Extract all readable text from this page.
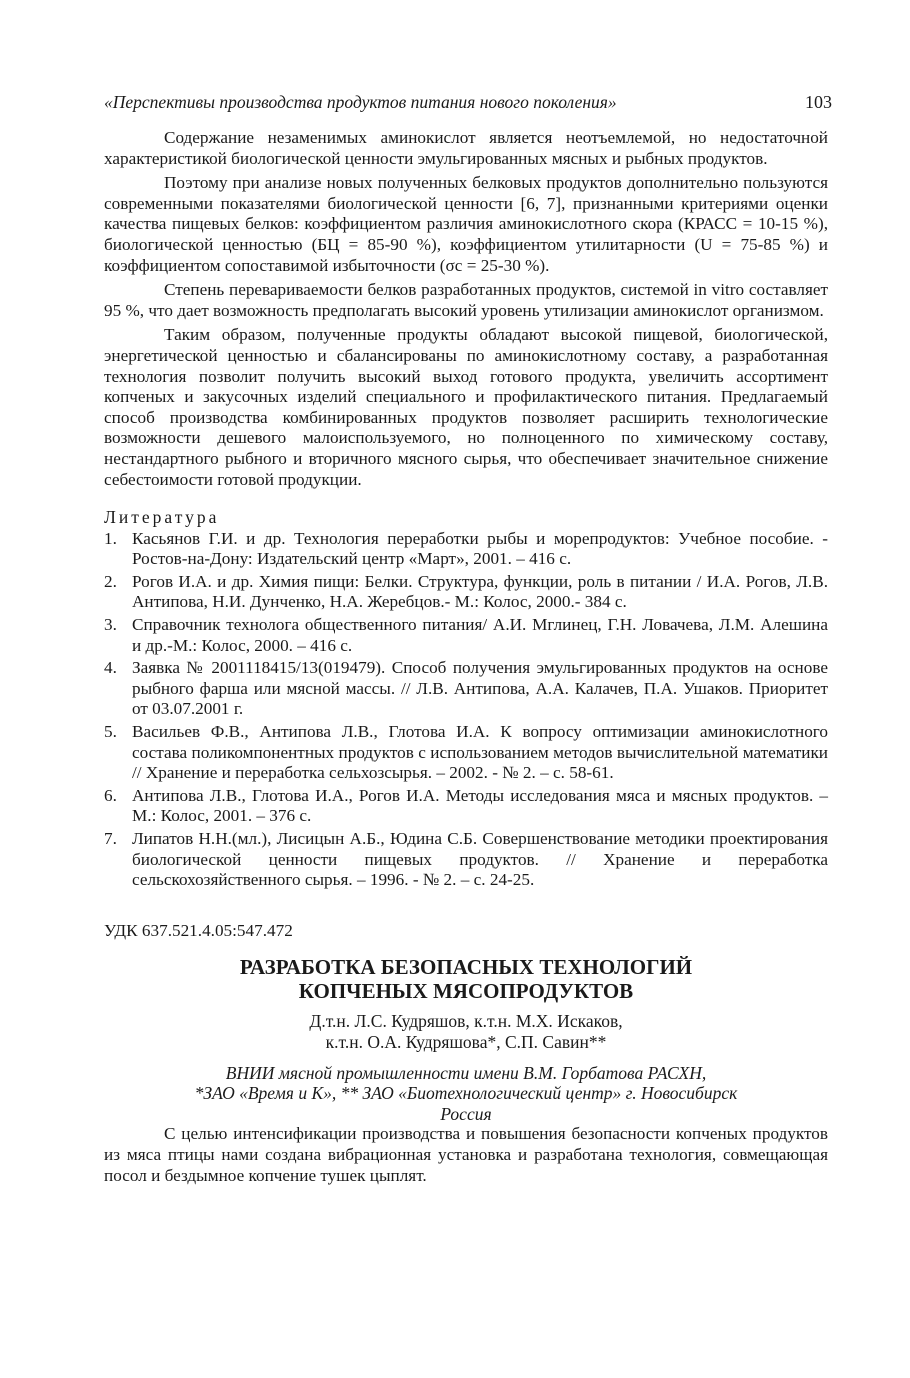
«Перспективы производства продуктов питания нового поколения»	103

Содержание незаменимых аминокислот является неотъемлемой, но недостаточной характеристикой биологической ценности эмульгированных мясных и рыбных продуктов.

Поэтому при анализе новых полученных белковых продуктов дополнительно пользуются современными показателями биологической ценности [6, 7], признанными критериями оценки качества пищевых белков: коэффициентом различия аминокислотного скора (КРАСС = 10-15 %), биологической ценностью (БЦ = 85-90 %), коэффициентом утилитарности (U = 75-85 %) и коэффициентом сопоставимой избыточности (σс = 25-30 %).

Степень перевариваемости белков разработанных продуктов, системой in vitro составляет 95 %, что дает возможность предполагать высокий уровень утилизации аминокислот организмом.

Таким образом, полученные продукты обладают высокой пищевой, биологической, энергетической ценностью и сбалансированы по аминокислотному составу, а разработанная технология позволит получить высокий выход готового продукта, увеличить ассортимент копченых и закусочных изделий специального и профилактического питания. Предлагаемый способ производства комбинированных продуктов позволяет расширить технологические возможности дешевого малоиспользуемого, но полноценного по химическому составу, нестандартного рыбного и вторичного мясного сырья, что обеспечивает значительное снижение себестоимости готовой продукции.

Литература
1. Касьянов Г.И. и др. Технология переработки рыбы и морепродуктов: Учебное пособие. - Ростов-на-Дону: Издательский центр «Март», 2001. – 416 с.
2. Рогов И.А. и др. Химия пищи: Белки. Структура, функции, роль в питании / И.А. Рогов, Л.В. Антипова, Н.И. Дунченко, Н.А. Жеребцов.- М.: Колос, 2000.- 384 с.
3. Справочник технолога общественного питания/ А.И. Мглинец, Г.Н. Ловачева, Л.М. Алешина и др.-М.: Колос, 2000. – 416 с.
4. Заявка № 2001118415/13(019479). Способ получения эмульгированных продуктов на основе рыбного фарша или мясной массы. // Л.В. Антипова, А.А. Калачев, П.А. Ушаков. Приоритет от 03.07.2001 г.
5. Васильев Ф.В., Антипова Л.В., Глотова И.А. К вопросу оптимизации аминокислотного состава поликомпонентных продуктов с использованием методов вычислительной математики // Хранение и переработка сельхозсырья. – 2002. - № 2. – с. 58-61.
6. Антипова Л.В., Глотова И.А., Рогов И.А. Методы исследования мяса и мясных продуктов. – М.: Колос, 2001. – 376 с.
7. Липатов Н.Н.(мл.), Лисицын А.Б., Юдина С.Б. Совершенствование методики проектирования биологической ценности пищевых продуктов. // Хранение и переработка сельскохозяйственного сырья. – 1996. - № 2. – с. 24-25.
УДК 637.521.4.05:547.472
РАЗРАБОТКА БЕЗОПАСНЫХ ТЕХНОЛОГИЙ
КОПЧЕНЫХ МЯСОПРОДУКТОВ
Д.т.н. Л.С. Кудряшов, к.т.н. М.Х. Искаков,
к.т.н. О.А. Кудряшова*, С.П. Савин**
ВНИИ мясной промышленности имени В.М. Горбатова РАСХН,
*ЗАО «Время и К», ** ЗАО «Биотехнологический центр» г. Новосибирск
Россия

С целью интенсификации производства и повышения безопасности копченых продуктов из мяса птицы нами создана вибрационная установка и разработана технология, совмещающая посол и бездымное копчение тушек цыплят.
